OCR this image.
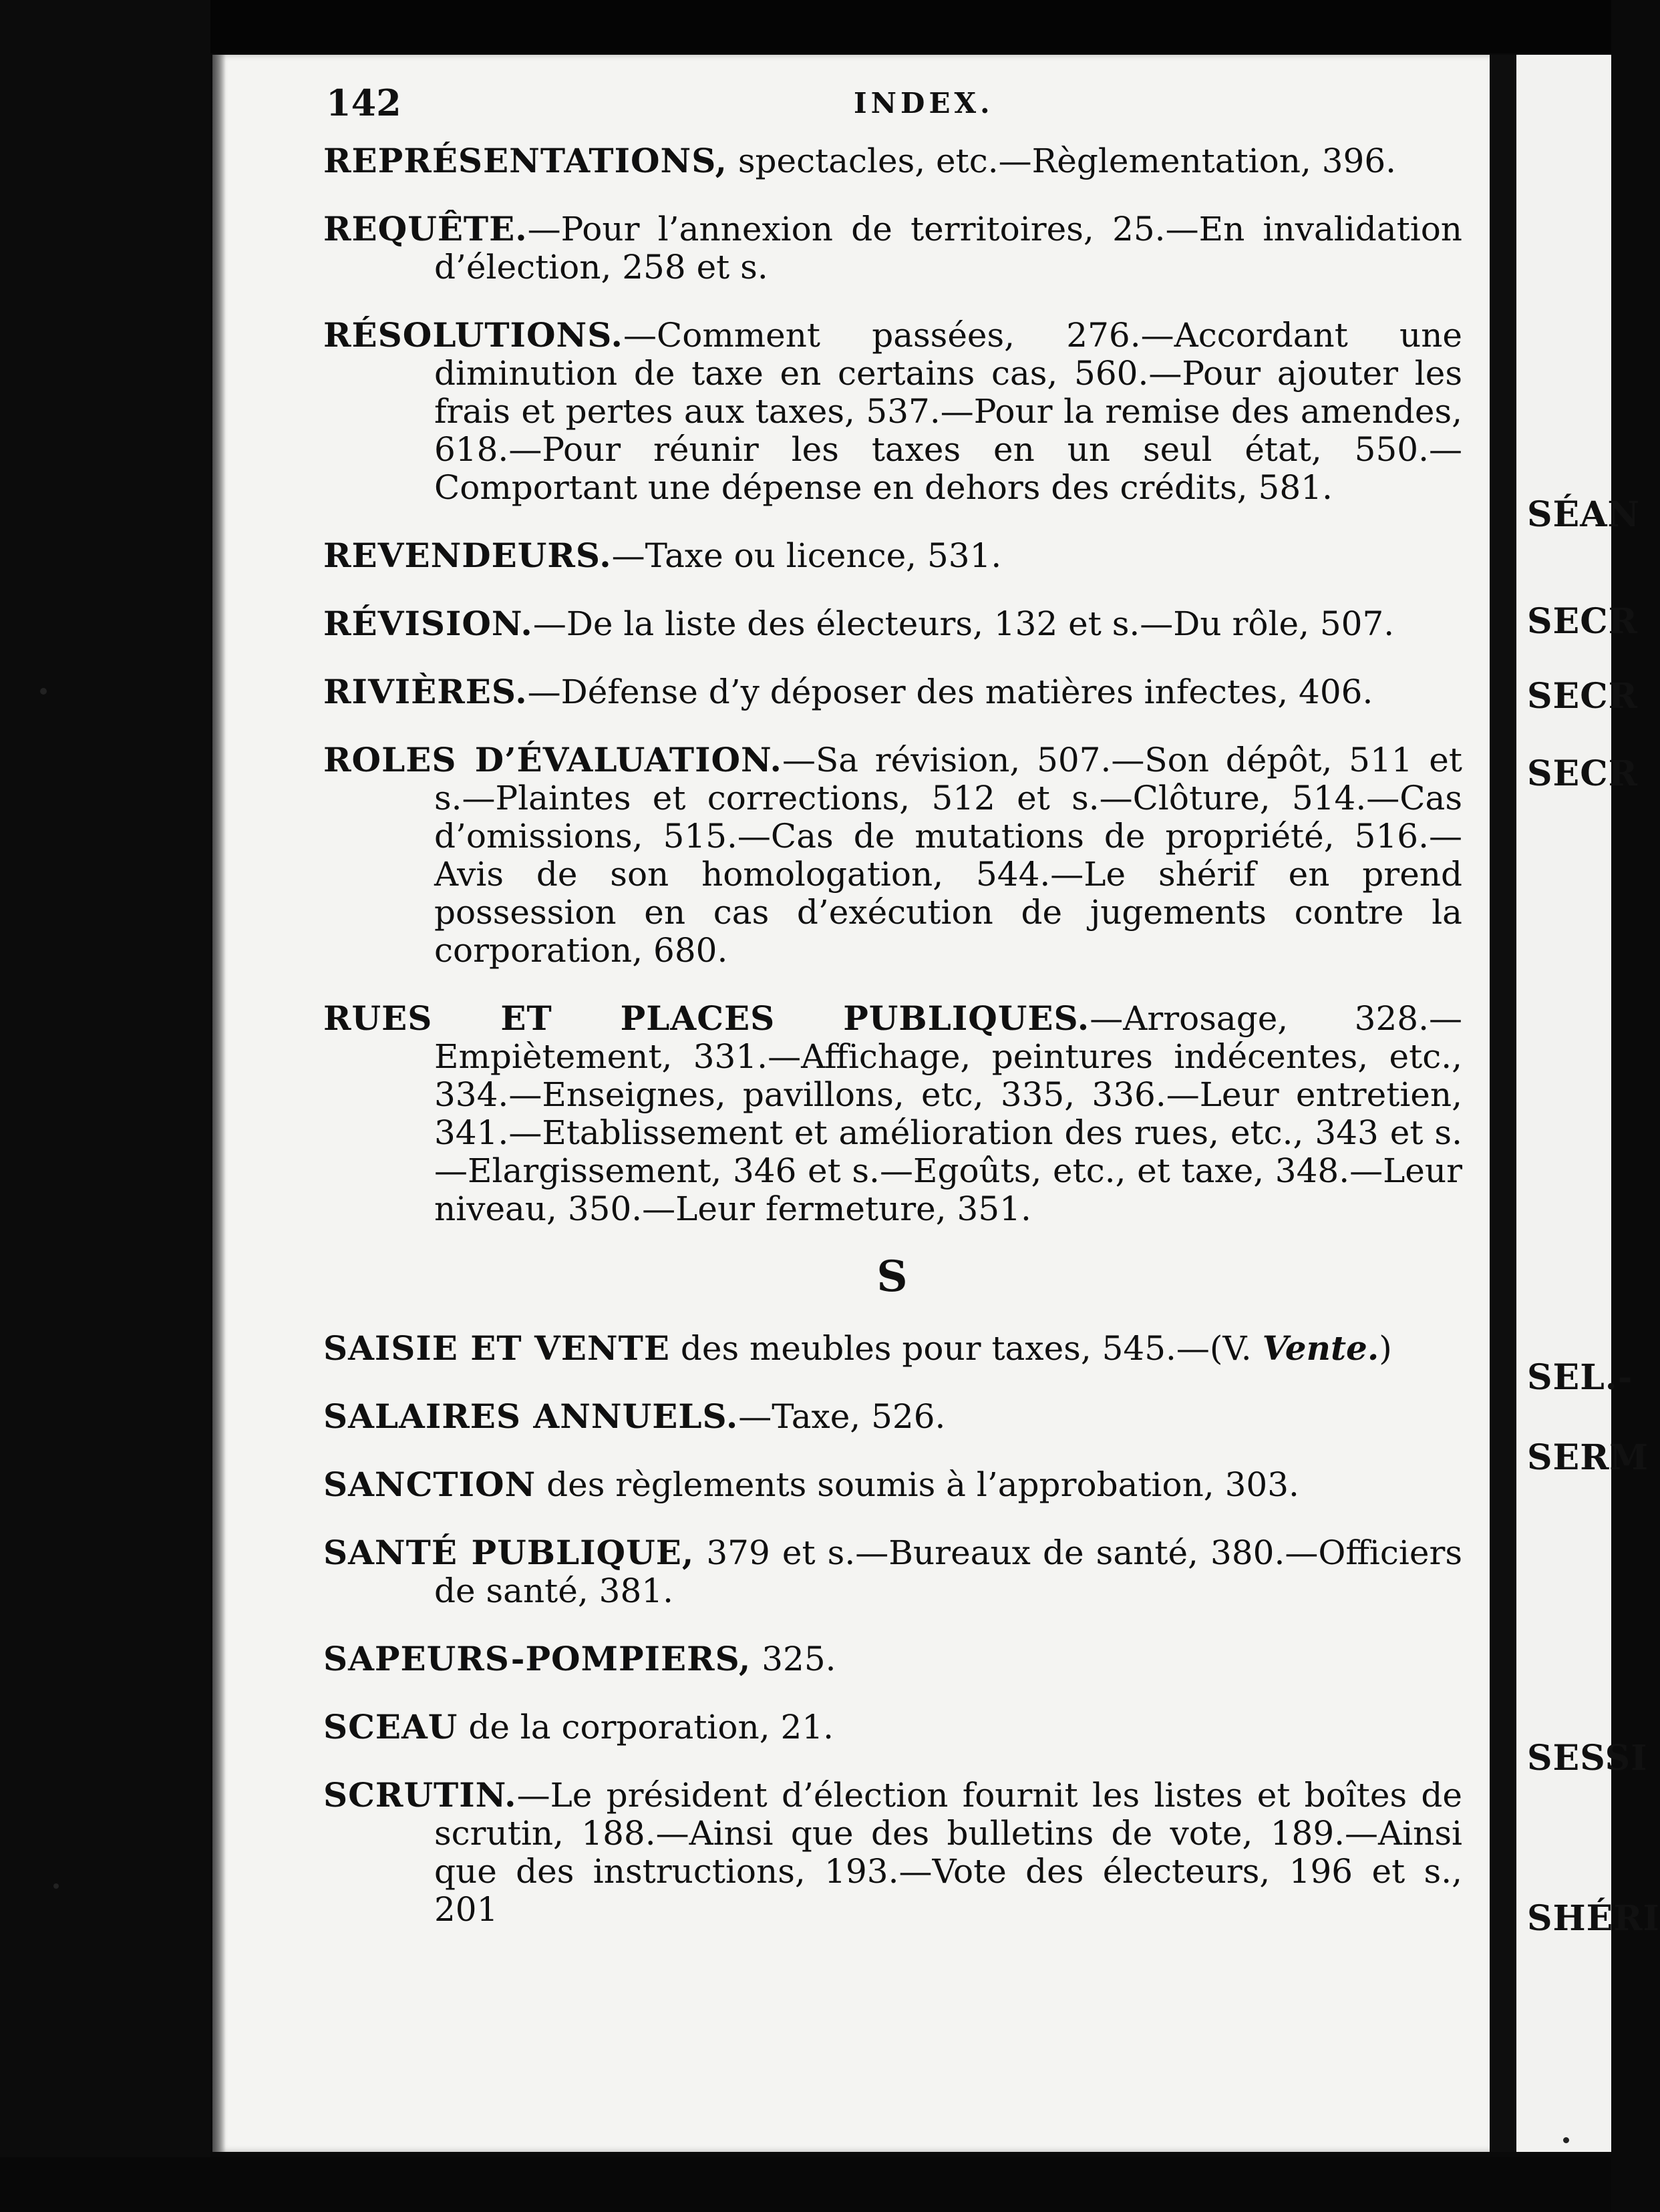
142	INDEX.

REPRÉSENTATIONS, spectacles, etc.—Règlementation, 396.

REQUÊTE.—Pour l’annexion de territoires, 25.—En invalidation d’élection, 258 et s.

RÉSOLUTIONS.—Comment passées, 276.—Accordant une diminution de taxe en certains cas, 560.—Pour ajouter les frais et pertes aux taxes, 537.—Pour la remise des amendes, 618.—Pour réunir les taxes en un seul état, 550.—Comportant une dépense en dehors des crédits, 581.

REVENDEURS.—Taxe ou licence, 531.

RÉVISION.—De la liste des électeurs, 132 et s.—Du rôle, 507.

RIVIÈRES.—Défense d’y déposer des matières infectes, 406.

ROLES D’ÉVALUATION.—Sa révision, 507.—Son dépôt, 511 et s.—Plaintes et corrections, 512 et s.—Clôture, 514.—Cas d’omissions, 515.—Cas de mutations de propriété, 516.—Avis de son homologation, 544.—Le shérif en prend possession en cas d’exécution de jugements contre la corporation, 680.

RUES ET PLACES PUBLIQUES.—Arrosage, 328.—Empiètement, 331.—Affichage, peintures indécentes, etc., 334.—Enseignes, pavillons, etc, 335, 336.—Leur entretien, 341.—Etablissement et amélioration des rues, etc., 343 et s.—Elargissement, 346 et s.—Egoûts, etc., et taxe, 348.—Leur niveau, 350.—Leur fermeture, 351.

S

SAISIE ET VENTE des meubles pour taxes, 545.—(V. Vente.)

SALAIRES ANNUELS.—Taxe, 526.

SANCTION des règlements soumis à l’approbation, 303.

SANTÉ PUBLIQUE, 379 et s.—Bureaux de santé, 380.—Officiers de santé, 381.

SAPEURS-POMPIERS, 325.

SCEAU de la corporation, 21.

SCRUTIN.—Le président d’élection fournit les listes et boîtes de scrutin, 188.—Ainsi que des bulletins de vote, 189.—Ainsi que des instructions, 193.—Vote des électeurs, 196 et s., 201

SÉAN
SECR
SECR
SECR
SEL.-
SERM
SESSI
SHÉRI
